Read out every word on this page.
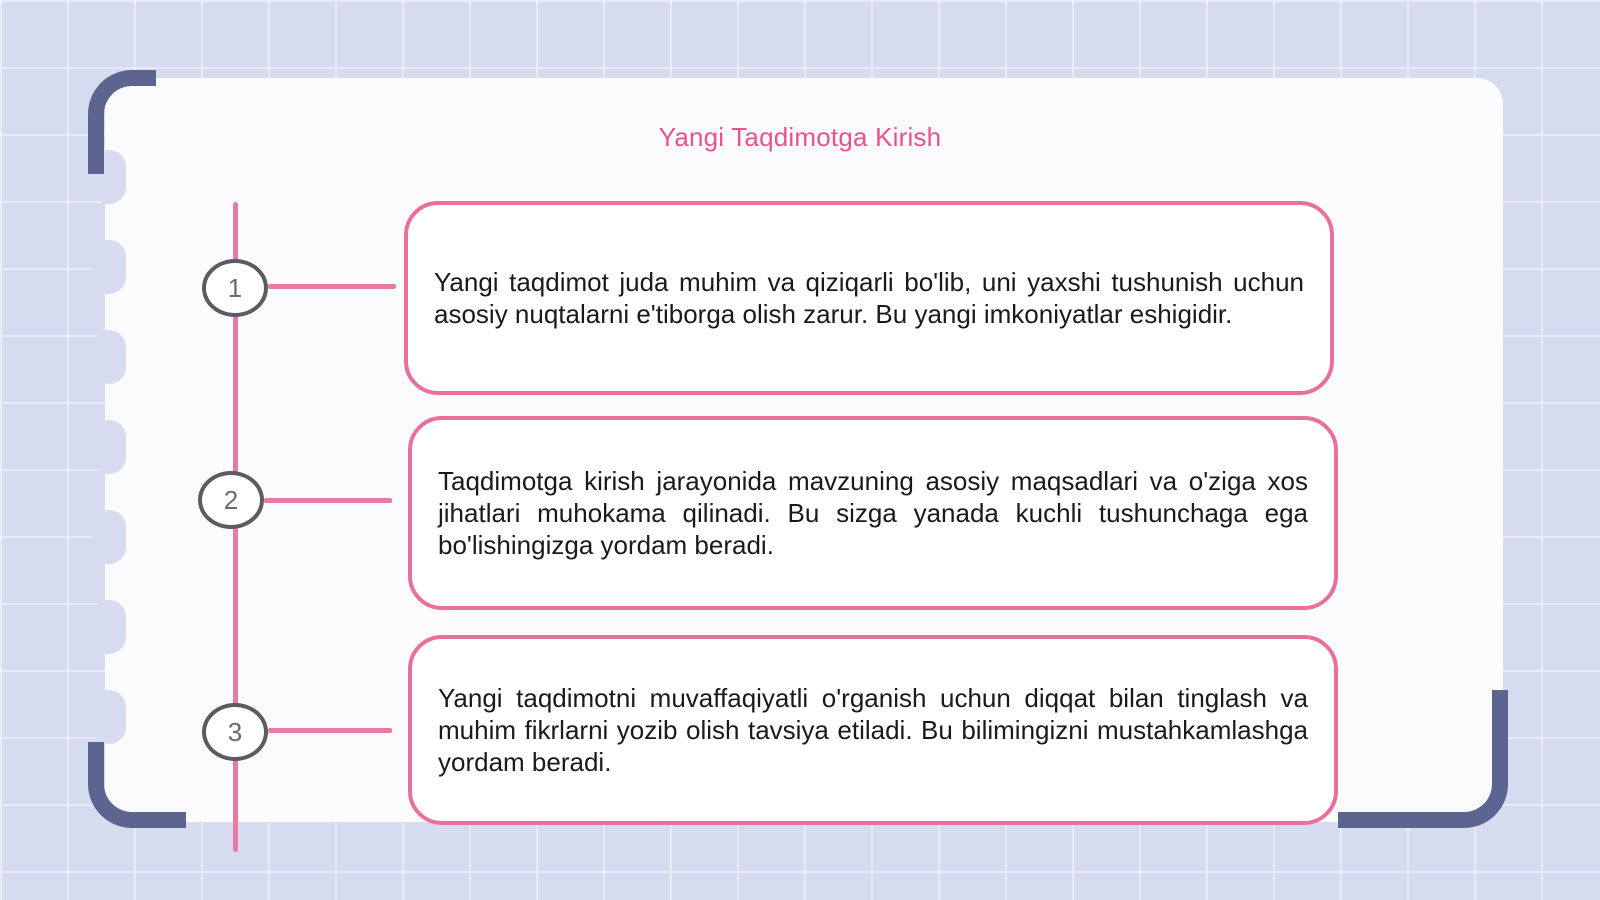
Yangi Taqdimotga Kirish
1	Yangi taqdimot juda muhim va qiziqarli bo'lib, uni yaxshi tushunish uchun asosiy nuqtalarni e'tiborga olish zarur. Bu yangi imkoniyatlar eshigidir.

2

Taqdimotga kirish jarayonida mavzuning asosiy maqsadlari va o'ziga xos jihatlari muhokama qilinadi. Bu sizga yanada kuchli tushunchaga ega bo'lishingizga yordam beradi.

3

Yangi taqdimotni muvaffaqiyatli o'rganish uchun diqqat bilan tinglash va muhim fikrlarni yozib olish tavsiya etiladi. Bu bilimingizni mustahkamlashga yordam beradi.
